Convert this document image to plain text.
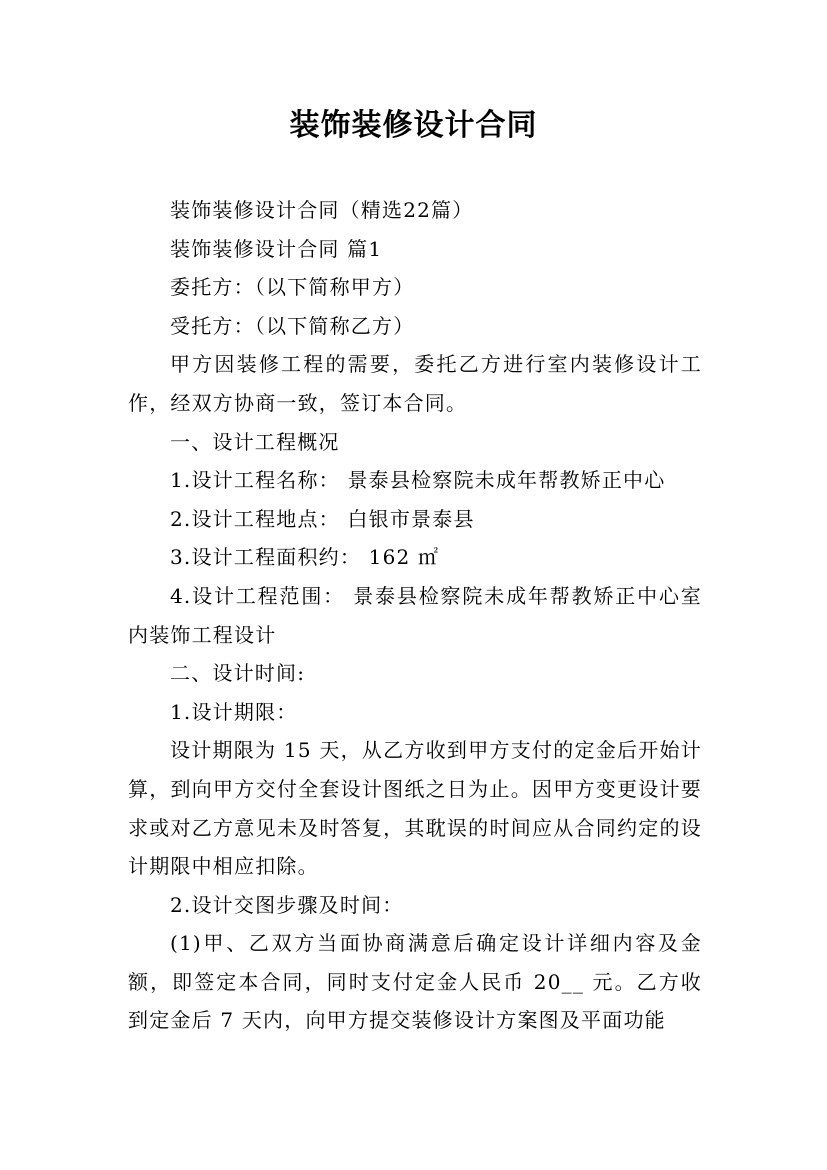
装饰装修设计合同

装饰装修设计合同（精选22篇）

装饰装修设计合同 篇1

委托方：（以下简称甲方）

受托方：（以下简称乙方）

甲方因装修工程的需要，委托乙方进行室内装修设计工作，经双方协商一致，签订本合同。

一、设计工程概况

1.设计工程名称： 景泰县检察院未成年帮教矫正中心

2.设计工程地点： 白银市景泰县

3.设计工程面积约： 162 ㎡

4.设计工程范围： 景泰县检察院未成年帮教矫正中心室内装饰工程设计

二、设计时间:

1.设计期限：

设计期限为 15 天，从乙方收到甲方支付的定金后开始计算，到向甲方交付全套设计图纸之日为止。因甲方变更设计要求或对乙方意见未及时答复，其耽误的时间应从合同约定的设计期限中相应扣除。

2.设计交图步骤及时间：

(1)甲、乙双方当面协商满意后确定设计详细内容及金额，即签定本合同，同时支付定金人民币 20__ 元。乙方收到定金后 7 天内，向甲方提交装修设计方案图及平面功能
